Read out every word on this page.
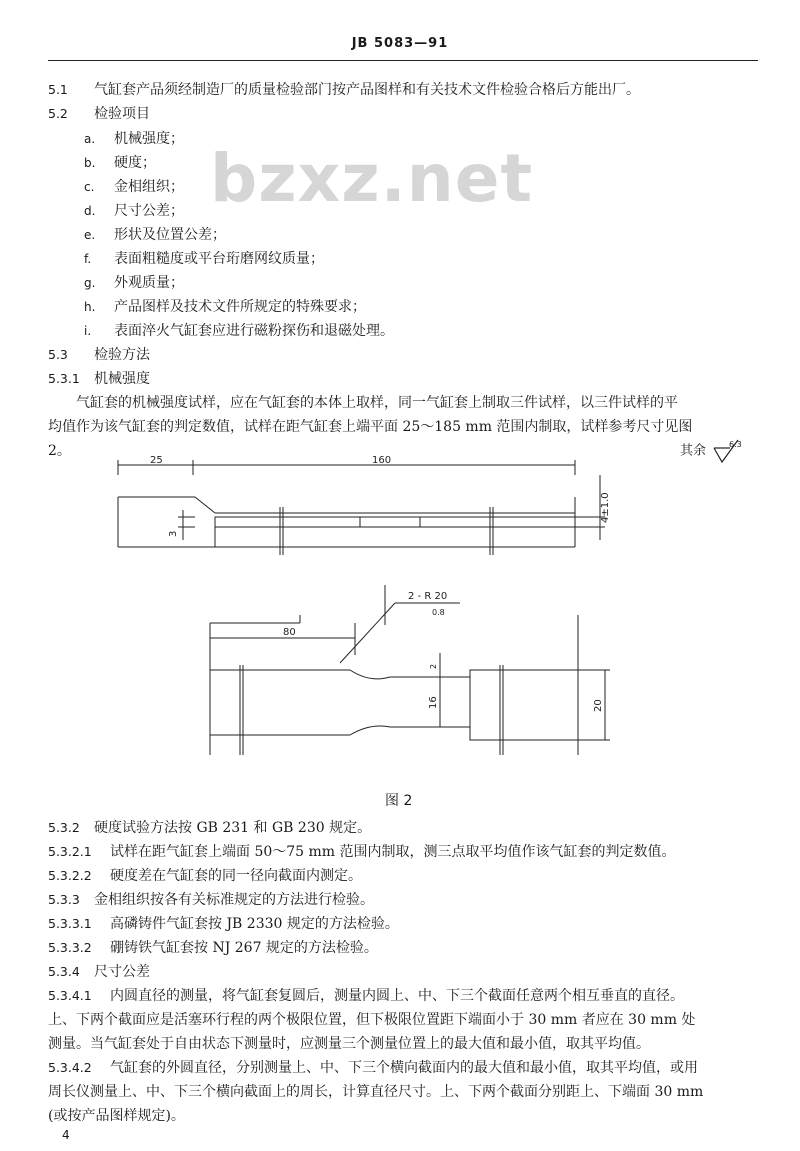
JB 5083—91
bzxz.net
5.1 气缸套产品须经制造厂的质量检验部门按产品图样和有关技术文件检验合格后方能出厂。
5.2 检验项目
a. 机械强度；
b. 硬度；
c. 金相组织；
d. 尺寸公差；
e. 形状及位置公差；
f. 表面粗糙度或平台珩磨网纹质量；
g. 外观质量；
h. 产品图样及技术文件所规定的特殊要求；
i. 表面淬火气缸套应进行磁粉探伤和退磁处理。
5.3 检验方法
5.3.1 机械强度
气缸套的机械强度试样，应在气缸套的本体上取样，同一气缸套上制取三件试样，以三件试样的平
均值作为该气缸套的判定数值，试样在距气缸套上端平面 25～185 mm 范围内制取，试样参考尺寸见图
2。	其余	6.3
25	160
4±1.0
3
80
2 - R 20
0.8
16	20
2
图 2
5.3.2 硬度试验方法按 GB 231 和 GB 230 规定。
5.3.2.1 试样在距气缸套上端面 50～75 mm 范围内制取，测三点取平均值作该气缸套的判定数值。
5.3.2.2 硬度差在气缸套的同一径向截面内测定。
5.3.3 金相组织按各有关标准规定的方法进行检验。
5.3.3.1 高磷铸件气缸套按 JB 2330 规定的方法检验。
5.3.3.2 硼铸铁气缸套按 NJ 267 规定的方法检验。
5.3.4 尺寸公差
5.3.4.1 内圆直径的测量，将气缸套复圆后，测量内圆上、中、下三个截面任意两个相互垂直的直径。
上、下两个截面应是活塞环行程的两个极限位置，但下极限位置距下端面小于 30 mm 者应在 30 mm 处
测量。当气缸套处于自由状态下测量时，应测量三个测量位置上的最大值和最小值，取其平均值。
5.3.4.2 气缸套的外圆直径，分别测量上、中、下三个横向截面内的最大值和最小值，取其平均值，或用
周长仪测量上、中、下三个横向截面上的周长，计算直径尺寸。上、下两个截面分别距上、下端面 30 mm
(或按产品图样规定)。
4
